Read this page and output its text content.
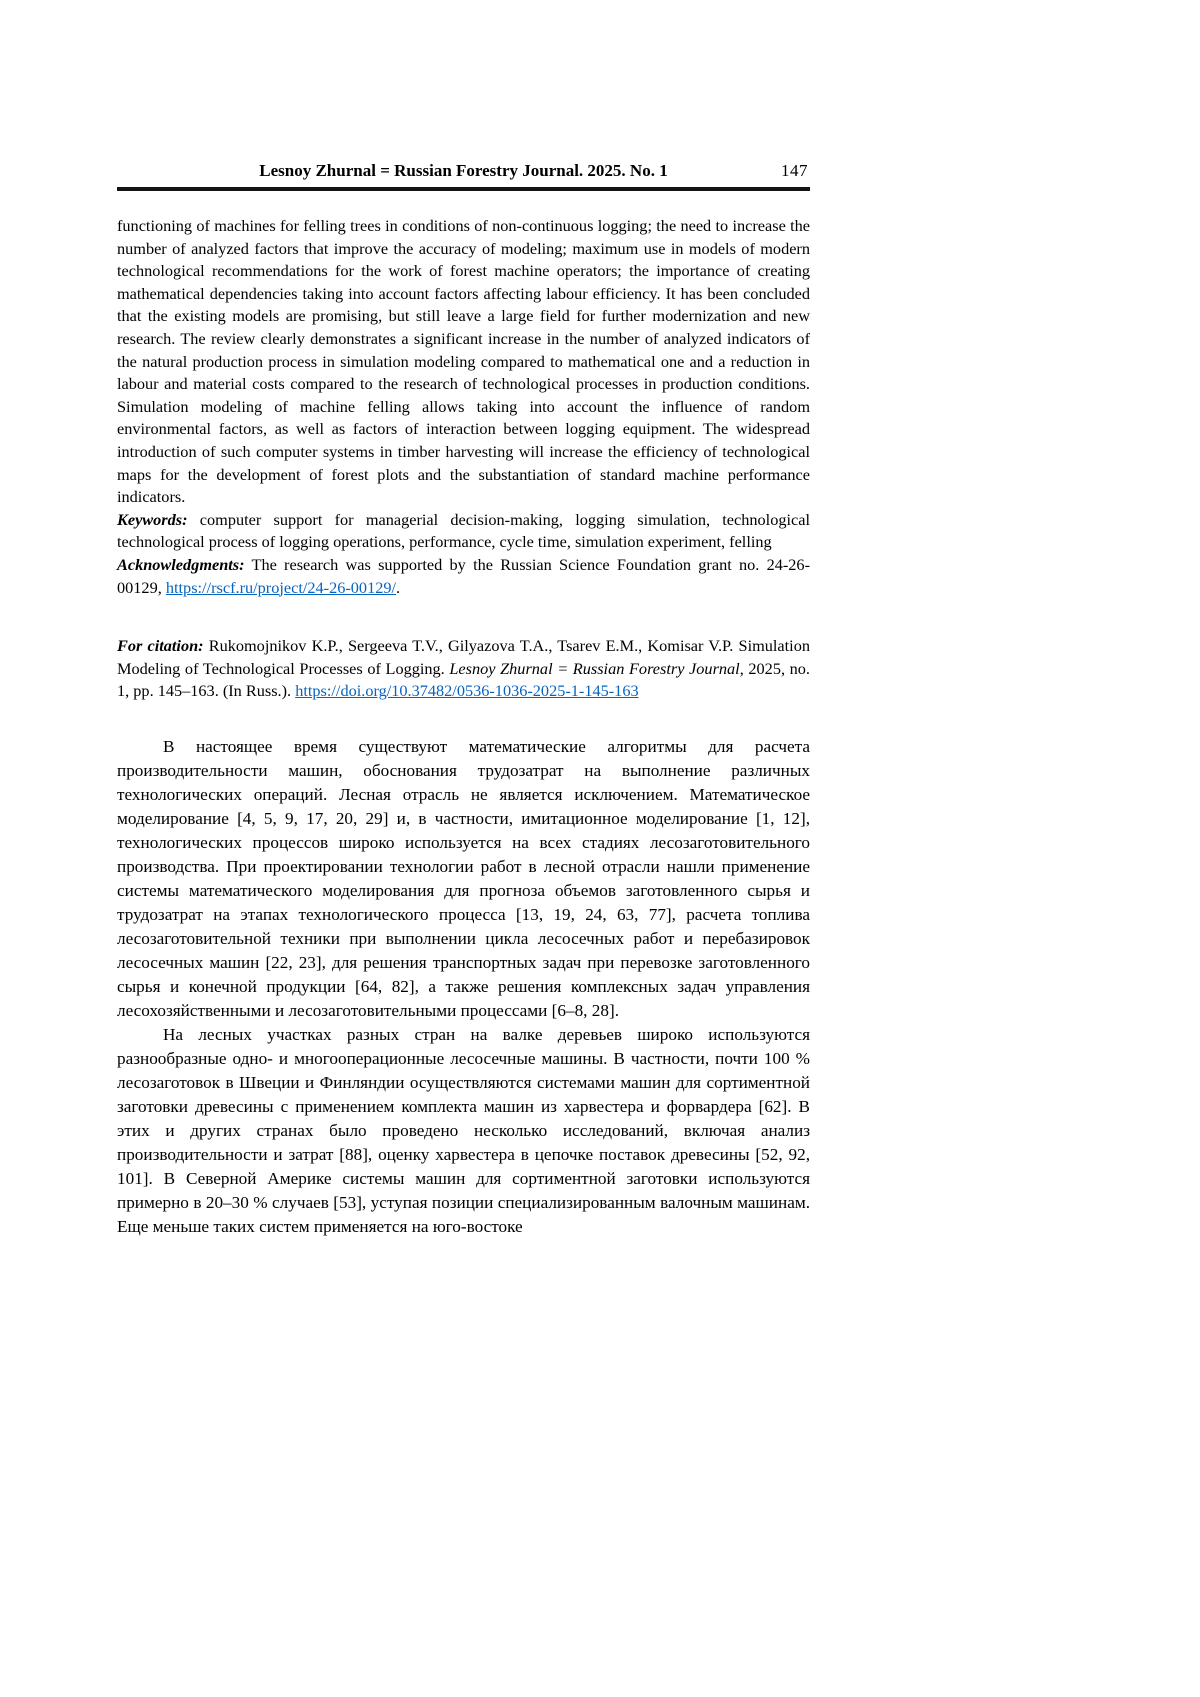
Lesnoy Zhurnal = Russian Forestry Journal. 2025. No. 1	147

functioning of machines for felling trees in conditions of non-continuous logging; the need to increase the number of analyzed factors that improve the accuracy of modeling; maximum use in models of modern technological recommendations for the work of forest machine operators; the importance of creating mathematical dependencies taking into account factors affecting labour efficiency. It has been concluded that the existing models are promising, but still leave a large field for further modernization and new research. The review clearly demonstrates a significant increase in the number of analyzed indicators of the natural production process in simulation modeling compared to mathematical one and a reduction in labour and material costs compared to the research of technological processes in production conditions. Simulation modeling of machine felling allows taking into account the influence of random environmental factors, as well as factors of interaction between logging equipment. The widespread introduction of such computer systems in timber harvesting will increase the efficiency of technological maps for the development of forest plots and the substantiation of standard machine performance indicators.

Keywords: computer support for managerial decision-making, logging simulation, technological technological process of logging operations, performance, cycle time, simulation experiment, felling

Acknowledgments: The research was supported by the Russian Science Foundation grant no. 24-26-00129, https://rscf.ru/project/24-26-00129/.

For citation: Rukomojnikov K.P., Sergeeva T.V., Gilyazova T.A., Tsarev E.M., Komisar V.P. Simulation Modeling of Technological Processes of Logging. Lesnoy Zhurnal = Russian Forestry Journal, 2025, no. 1, pp. 145–163. (In Russ.). https://doi.org/10.37482/0536-1036-2025-1-145-163

В настоящее время существуют математические алгоритмы для расчета производительности машин, обоснования трудозатрат на выполнение различных технологических операций. Лесная отрасль не является исключением. Математическое моделирование [4, 5, 9, 17, 20, 29] и, в частности, имитационное моделирование [1, 12], технологических процессов широко используется на всех стадиях лесозаготовительного производства. При проектировании технологии работ в лесной отрасли нашли применение системы математического моделирования для прогноза объемов заготовленного сырья и трудозатрат на этапах технологического процесса [13, 19, 24, 63, 77], расчета топлива лесозаготовительной техники при выполнении цикла лесосечных работ и перебазировок лесосечных машин [22, 23], для решения транспортных задач при перевозке заготовленного сырья и конечной продукции [64, 82], а также решения комплексных задач управления лесохозяйственными и лесозаготовительными процессами [6–8, 28].

На лесных участках разных стран на валке деревьев широко используются разнообразные одно- и многооперационные лесосечные машины. В частности, почти 100 % лесозаготовок в Швеции и Финляндии осуществляются системами машин для сортиментной заготовки древесины с применением комплекта машин из харвестера и форвардера [62]. В этих и других странах было проведено несколько исследований, включая анализ производительности и затрат [88], оценку харвестера в цепочке поставок древесины [52, 92, 101]. В Северной Америке системы машин для сортиментной заготовки используются примерно в 20–30 % случаев [53], уступая позиции специализированным валочным машинам. Еще меньше таких систем применяется на юго-востоке
